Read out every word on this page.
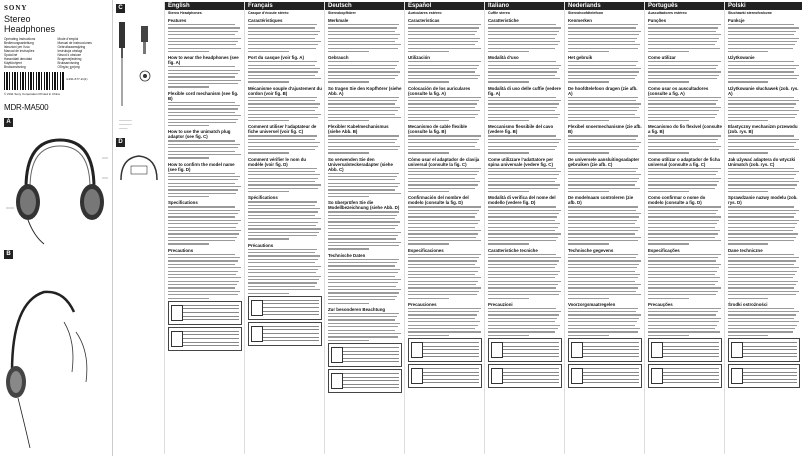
SONY
Stereo
Headphones
Operating Instructions	Mode d’emploi
Bedienungsanleitung	Manual de instrucciones
Istruzioni per l’uso	Gebruiksaanwijzing
Manual de instruções	Instrukcja obsługi
Spoločné	Návod k obsluze
Használati útmutató	Brugervejledning
Käyttöohjeet	Bruksanvisning
Bruksanvisning	Οδηγίες χρήσης
4-291-677-11(1)
© 2011 Sony Corporation Printed in China
MDR-MA500
A
B
C
──────
──────
────
D
English
Stereo Headphones
Features
How to wear the headphones (see fig. A)
Flexible cord mechanism (see fig. B)
How to use the unimatch plug adaptor (see fig. C)
How to confirm the model name (see fig. D)
Specifications
Precautions
Français
Casque d’écoute stéréo
Caractéristiques
Port du casque (voir fig. A)
Mécanisme souple d’ajustement du cordon (voir fig. B)
Comment utiliser l’adaptateur de fiche universel (voir fig. C)
Comment vérifier le nom du modèle (voir fig. D)
Spécifications
Précautions
Deutsch
Stereokopfhörer
Merkmale
Gebrauch
So tragen Sie den Kopfhörer (siehe Abb. A)
Flexibler Kabelmechanismus (siehe Abb. B)
So verwenden Sie den Universalsteckeradapter (siehe Abb. C)
So überprüfen Sie die Modellbezeichnung (siehe Abb. D)
Technische Daten
Zur besonderen Beachtung
Español
Auriculares estéreo
Características
Utilización
Colocación de los auriculares (consulte la fig. A)
Mecanismo de cable flexible (consulte la fig. B)
Cómo usar el adaptador de clavija universal (consulte la fig. C)
Confirmación del nombre del modelo (consulte la fig. D)
Especificaciones
Precauciones
Italiano
Cuffie stereo
Caratteristiche
Modalità d’uso
Modalità di uso delle cuffie (vedere fig. A)
Meccanismo flessibile del cavo (vedere fig. B)
Come utilizzare l’adattatore per spina universale (vedere fig. C)
Modalità di verifica del nome del modello (vedere fig. D)
Caratteristiche tecniche
Precauzioni
Nederlands
Stereohoofdtelefoon
Kenmerken
Het gebruik
De hoofdtelefoon dragen (zie afb. A)
Flexibel snoermechanisme (zie afb. B)
De universele aansluitingsadapter gebruiken (zie afb. C)
De modelnaam controleren (zie afb. D)
Technische gegevens
Voorzorgsmaatregelen
Português
Auscultadores estéreo
Funções
Como utilizar
Como usar os auscultadores (consulte a fig. A)
Mecanismo do fio flexível (consulte a fig. B)
Como utilizar o adaptador de ficha universal (consulte a fig. C)
Como confirmar o nome do modelo (consulte a fig. D)
Especificações
Precauções
Polski
Słuchawki stereofoniczne
Funkcje
Użytkowanie
Użytkowanie słuchawek (zob. rys. A)
Elastyczny mechanizm przewodu (zob. rys. B)
Jak używać adaptera do wtyczki Unimatch (zob. rys. C)
Sprawdzanie nazwy modelu (zob. rys. D)
Dane techniczne
Środki ostrożności
